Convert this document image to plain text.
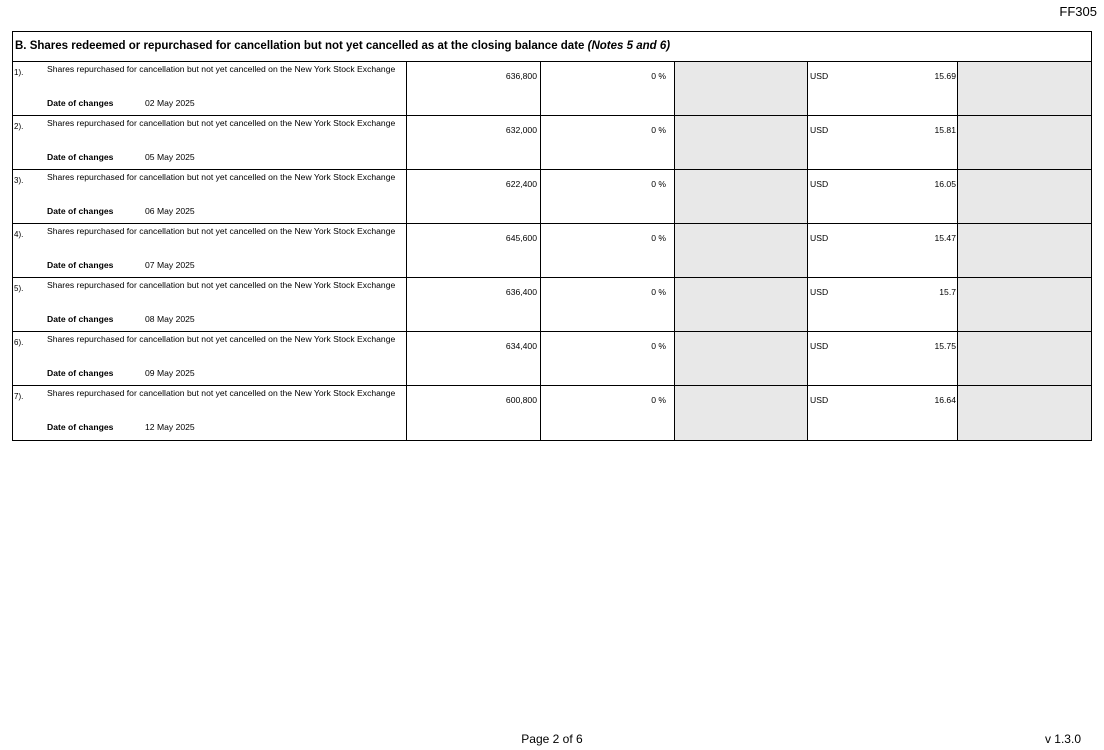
FF305
B. Shares redeemed or repurchased for cancellation but not yet cancelled as at the closing balance date (Notes 5 and 6)
1).	Shares repurchased for cancellation but not yet cancelled on the New York Stock Exchange
Date of changes	02 May 2025
636,800	0 %	USD	15.69
2).	Shares repurchased for cancellation but not yet cancelled on the New York Stock Exchange
Date of changes	05 May 2025
632,000	0 %	USD	15.81
3).	Shares repurchased for cancellation but not yet cancelled on the New York Stock Exchange
Date of changes	06 May 2025
622,400	0 %	USD	16.05
4).	Shares repurchased for cancellation but not yet cancelled on the New York Stock Exchange
Date of changes	07 May 2025
645,600	0 %	USD	15.47
5).	Shares repurchased for cancellation but not yet cancelled on the New York Stock Exchange
Date of changes	08 May 2025
636,400	0 %	USD	15.7
6).	Shares repurchased for cancellation but not yet cancelled on the New York Stock Exchange
Date of changes	09 May 2025
634,400	0 %	USD	15.75
7).	Shares repurchased for cancellation but not yet cancelled on the New York Stock Exchange
Date of changes	12 May 2025
600,800	0 %	USD	16.64
Page 2 of 6	v 1.3.0
